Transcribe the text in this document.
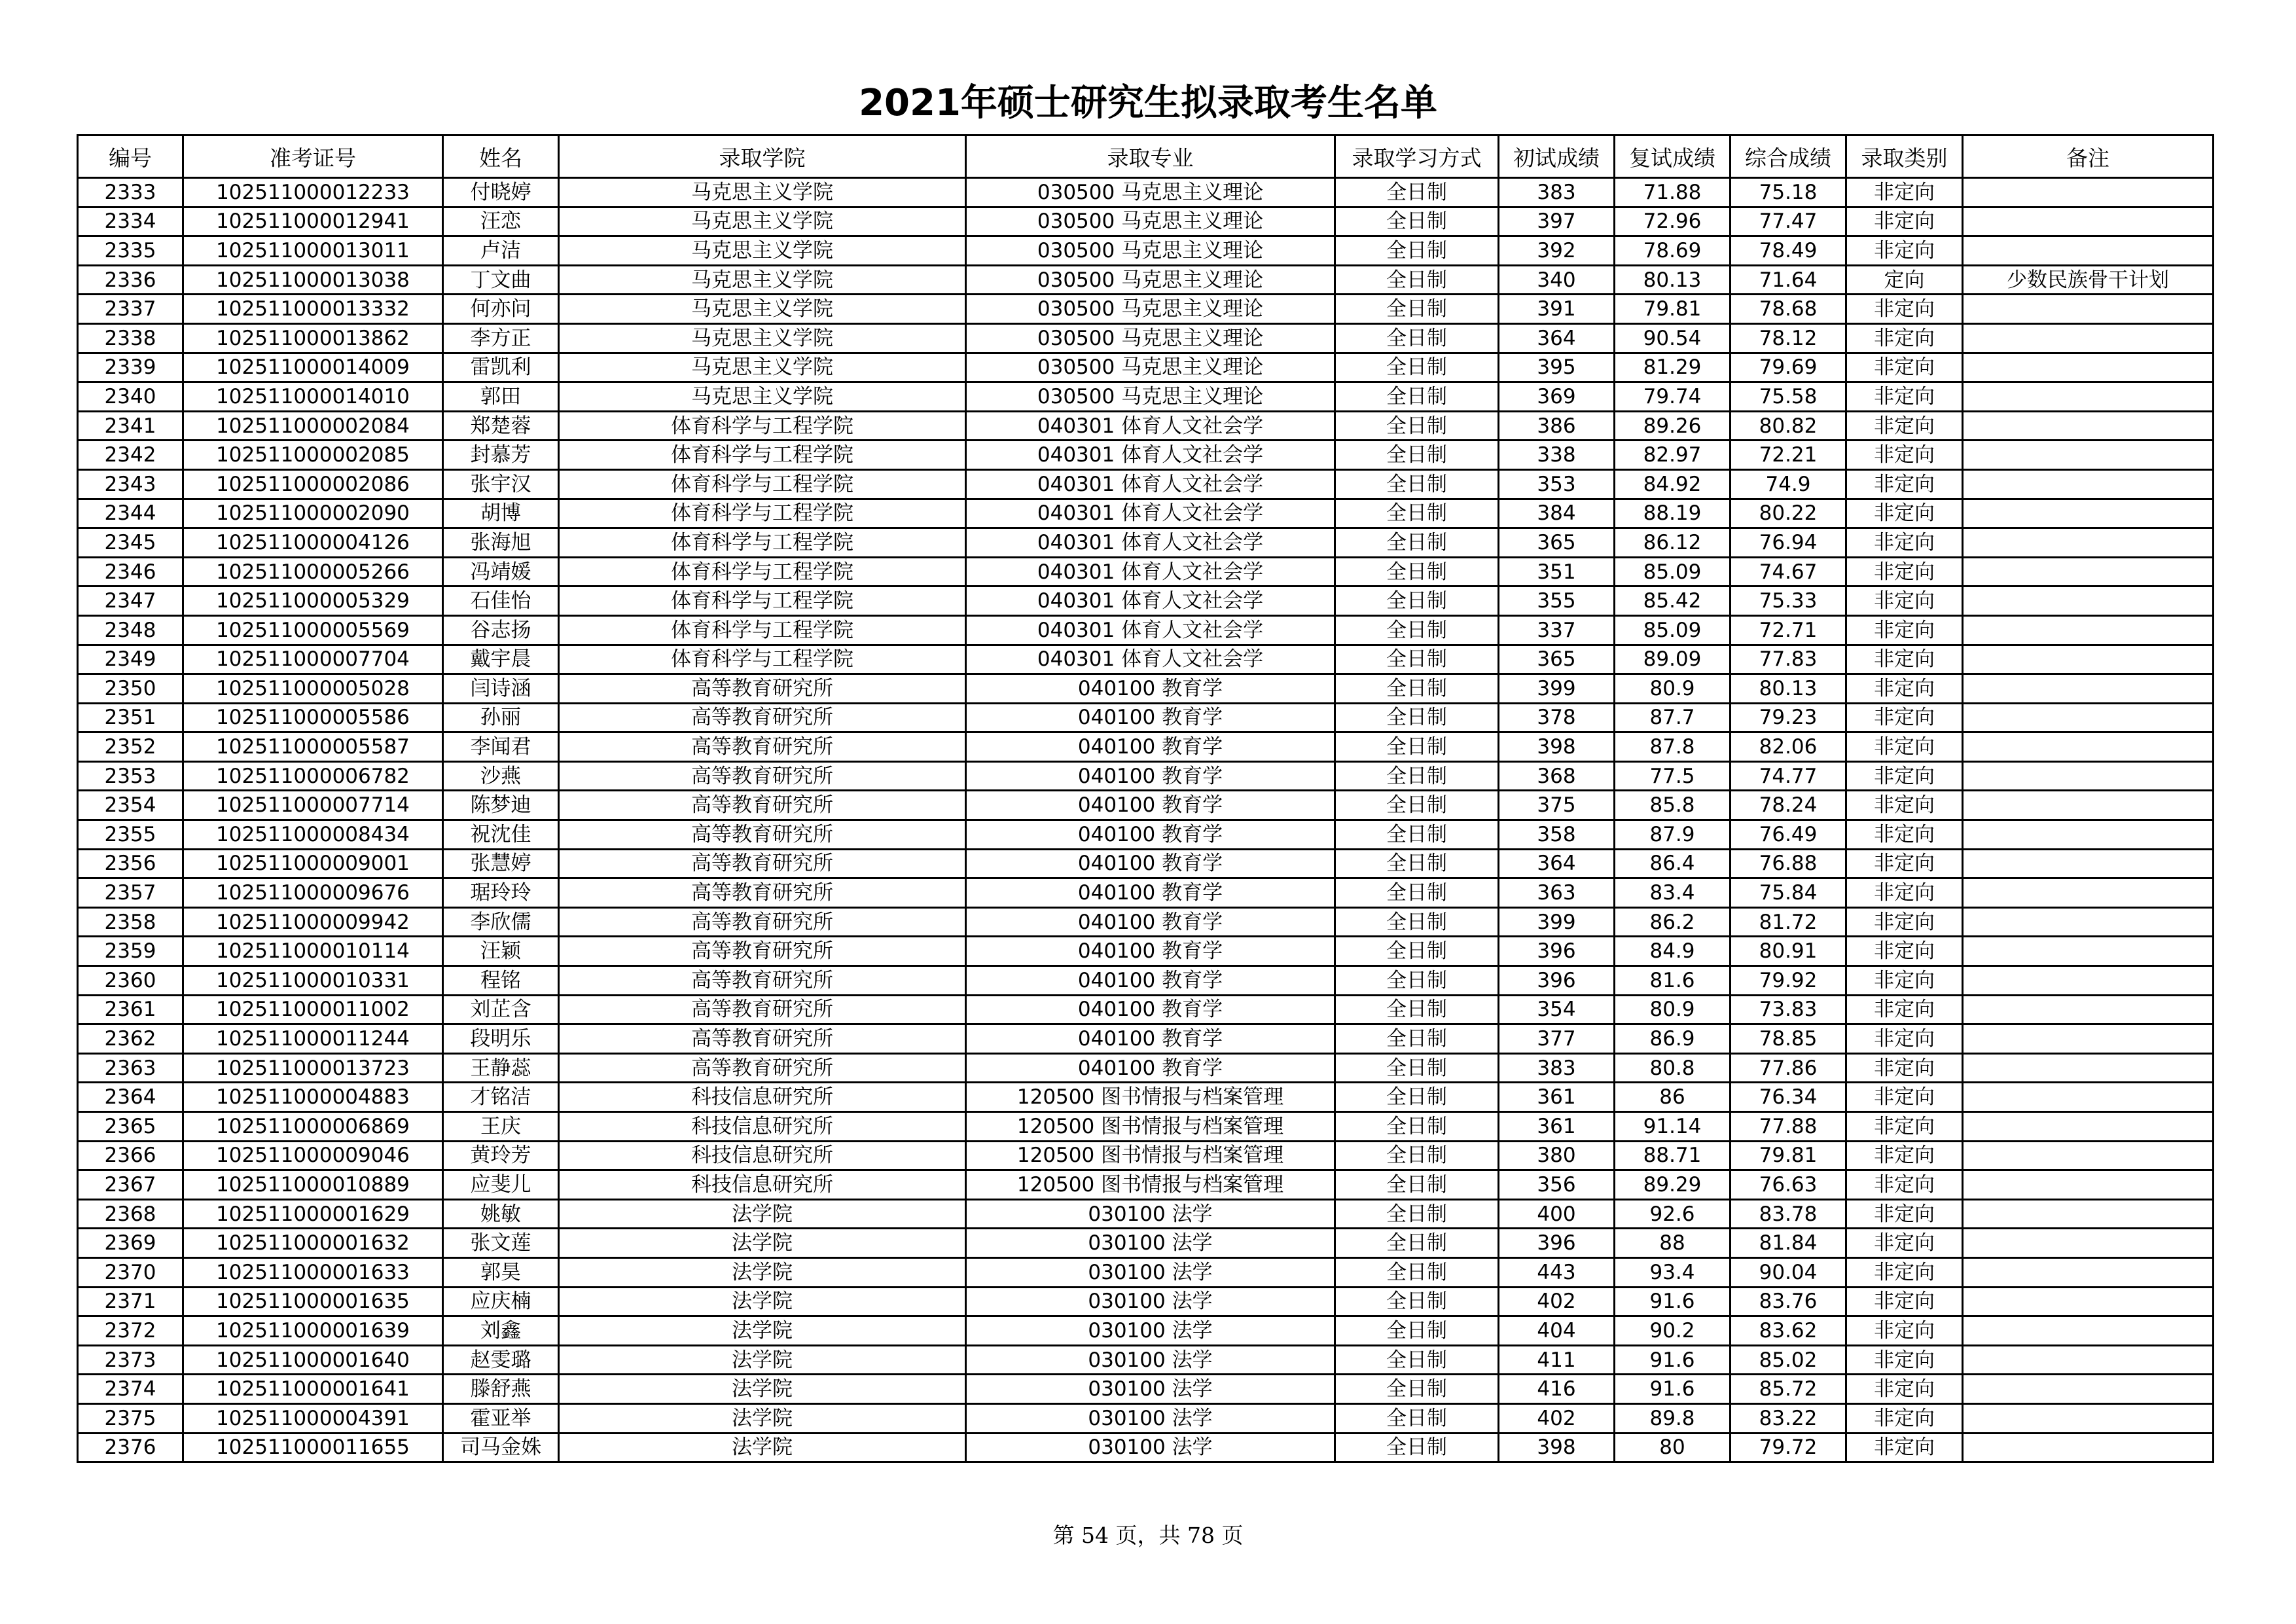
2021年硕士研究生拟录取考生名单
编号	准考证号	姓名	录取学院	录取专业	录取学习方式	初试成绩	复试成绩	综合成绩	录取类别	备注
2333	102511000012233	付晓婷	马克思主义学院	030500 马克思主义理论	全日制	383	71.88	75.18	非定向	
2334	102511000012941	汪恋	马克思主义学院	030500 马克思主义理论	全日制	397	72.96	77.47	非定向	
2335	102511000013011	卢洁	马克思主义学院	030500 马克思主义理论	全日制	392	78.69	78.49	非定向	
2336	102511000013038	丁文曲	马克思主义学院	030500 马克思主义理论	全日制	340	80.13	71.64	定向	少数民族骨干计划
2337	102511000013332	何亦问	马克思主义学院	030500 马克思主义理论	全日制	391	79.81	78.68	非定向	
2338	102511000013862	李方正	马克思主义学院	030500 马克思主义理论	全日制	364	90.54	78.12	非定向	
2339	102511000014009	雷凯利	马克思主义学院	030500 马克思主义理论	全日制	395	81.29	79.69	非定向	
2340	102511000014010	郭田	马克思主义学院	030500 马克思主义理论	全日制	369	79.74	75.58	非定向	
2341	102511000002084	郑楚蓉	体育科学与工程学院	040301 体育人文社会学	全日制	386	89.26	80.82	非定向	
2342	102511000002085	封慕芳	体育科学与工程学院	040301 体育人文社会学	全日制	338	82.97	72.21	非定向	
2343	102511000002086	张宇汉	体育科学与工程学院	040301 体育人文社会学	全日制	353	84.92	74.9	非定向	
2344	102511000002090	胡博	体育科学与工程学院	040301 体育人文社会学	全日制	384	88.19	80.22	非定向	
2345	102511000004126	张海旭	体育科学与工程学院	040301 体育人文社会学	全日制	365	86.12	76.94	非定向	
2346	102511000005266	冯靖媛	体育科学与工程学院	040301 体育人文社会学	全日制	351	85.09	74.67	非定向	
2347	102511000005329	石佳怡	体育科学与工程学院	040301 体育人文社会学	全日制	355	85.42	75.33	非定向	
2348	102511000005569	谷志扬	体育科学与工程学院	040301 体育人文社会学	全日制	337	85.09	72.71	非定向	
2349	102511000007704	戴宇晨	体育科学与工程学院	040301 体育人文社会学	全日制	365	89.09	77.83	非定向	
2350	102511000005028	闫诗涵	高等教育研究所	040100 教育学	全日制	399	80.9	80.13	非定向	
2351	102511000005586	孙丽	高等教育研究所	040100 教育学	全日制	378	87.7	79.23	非定向	
2352	102511000005587	李闻君	高等教育研究所	040100 教育学	全日制	398	87.8	82.06	非定向	
2353	102511000006782	沙燕	高等教育研究所	040100 教育学	全日制	368	77.5	74.77	非定向	
2354	102511000007714	陈梦迪	高等教育研究所	040100 教育学	全日制	375	85.8	78.24	非定向	
2355	102511000008434	祝沈佳	高等教育研究所	040100 教育学	全日制	358	87.9	76.49	非定向	
2356	102511000009001	张慧婷	高等教育研究所	040100 教育学	全日制	364	86.4	76.88	非定向	
2357	102511000009676	琚玲玲	高等教育研究所	040100 教育学	全日制	363	83.4	75.84	非定向	
2358	102511000009942	李欣儒	高等教育研究所	040100 教育学	全日制	399	86.2	81.72	非定向	
2359	102511000010114	汪颖	高等教育研究所	040100 教育学	全日制	396	84.9	80.91	非定向	
2360	102511000010331	程铭	高等教育研究所	040100 教育学	全日制	396	81.6	79.92	非定向	
2361	102511000011002	刘芷含	高等教育研究所	040100 教育学	全日制	354	80.9	73.83	非定向	
2362	102511000011244	段明乐	高等教育研究所	040100 教育学	全日制	377	86.9	78.85	非定向	
2363	102511000013723	王静蕊	高等教育研究所	040100 教育学	全日制	383	80.8	77.86	非定向	
2364	102511000004883	才铭洁	科技信息研究所	120500 图书情报与档案管理	全日制	361	86	76.34	非定向	
2365	102511000006869	王庆	科技信息研究所	120500 图书情报与档案管理	全日制	361	91.14	77.88	非定向	
2366	102511000009046	黄玲芳	科技信息研究所	120500 图书情报与档案管理	全日制	380	88.71	79.81	非定向	
2367	102511000010889	应斐儿	科技信息研究所	120500 图书情报与档案管理	全日制	356	89.29	76.63	非定向	
2368	102511000001629	姚敏	法学院	030100 法学	全日制	400	92.6	83.78	非定向	
2369	102511000001632	张文莲	法学院	030100 法学	全日制	396	88	81.84	非定向	
2370	102511000001633	郭昊	法学院	030100 法学	全日制	443	93.4	90.04	非定向	
2371	102511000001635	应庆楠	法学院	030100 法学	全日制	402	91.6	83.76	非定向	
2372	102511000001639	刘鑫	法学院	030100 法学	全日制	404	90.2	83.62	非定向	
2373	102511000001640	赵雯璐	法学院	030100 法学	全日制	411	91.6	85.02	非定向	
2374	102511000001641	滕舒燕	法学院	030100 法学	全日制	416	91.6	85.72	非定向	
2375	102511000004391	霍亚举	法学院	030100 法学	全日制	402	89.8	83.22	非定向	
2376	102511000011655	司马金姝	法学院	030100 法学	全日制	398	80	79.72	非定向	
第 54 页，共 78 页
